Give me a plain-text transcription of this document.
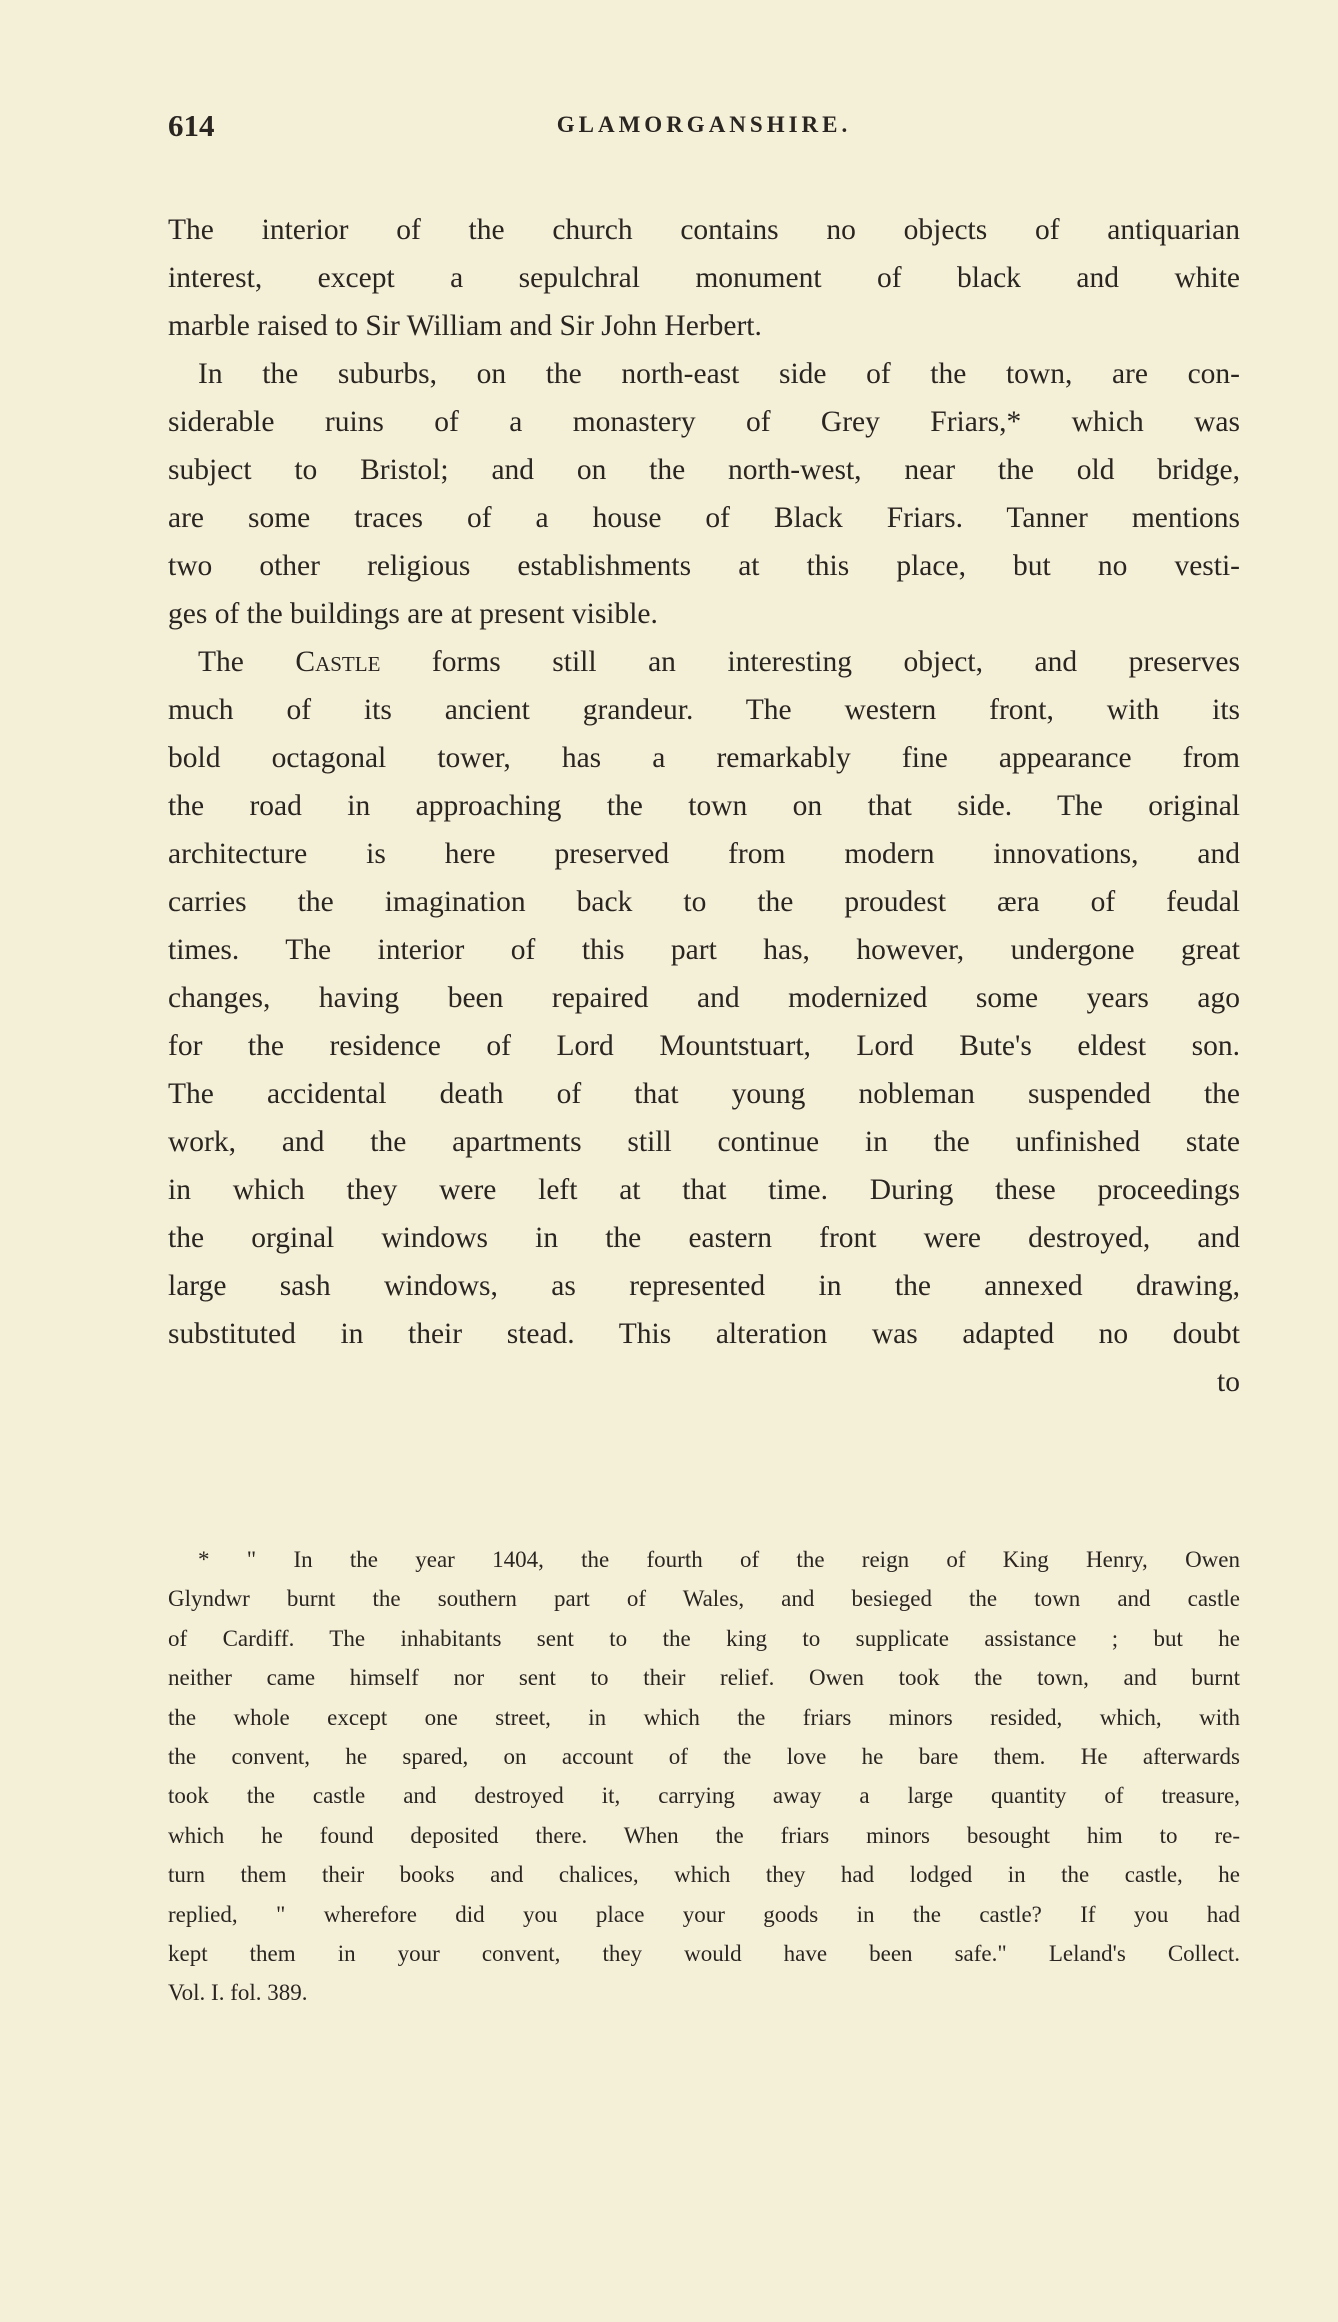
614	GLAMORGANSHIRE.
The interior of the church contains no objects of antiquarian
interest, except a sepulchral monument of black and white
marble raised to Sir William and Sir John Herbert.
In the suburbs, on the north-east side of the town, are con-
siderable ruins of a monastery of Grey Friars,* which was
subject to Bristol; and on the north-west, near the old bridge,
are some traces of a house of Black Friars. Tanner mentions
two other religious establishments at this place, but no vesti-
ges of the buildings are at present visible.
The Castle forms still an interesting object, and preserves
much of its ancient grandeur. The western front, with its
bold octagonal tower, has a remarkably fine appearance from
the road in approaching the town on that side. The original
architecture is here preserved from modern innovations, and
carries the imagination back to the proudest æra of feudal
times. The interior of this part has, however, undergone great
changes, having been repaired and modernized some years ago
for the residence of Lord Mountstuart, Lord Bute's eldest son.
The accidental death of that young nobleman suspended the
work, and the apartments still continue in the unfinished state
in which they were left at that time. During these proceedings
the orginal windows in the eastern front were destroyed, and
large sash windows, as represented in the annexed drawing,
substituted in their stead. This alteration was adapted no doubt
to
* " In the year 1404, the fourth of the reign of King Henry, Owen
Glyndwr burnt the southern part of Wales, and besieged the town and castle
of Cardiff. The inhabitants sent to the king to supplicate assistance ; but he
neither came himself nor sent to their relief. Owen took the town, and burnt
the whole except one street, in which the friars minors resided, which, with
the convent, he spared, on account of the love he bare them. He afterwards
took the castle and destroyed it, carrying away a large quantity of treasure,
which he found deposited there. When the friars minors besought him to re-
turn them their books and chalices, which they had lodged in the castle, he
replied, " wherefore did you place your goods in the castle? If you had
kept them in your convent, they would have been safe." Leland's Collect.
Vol. I. fol. 389.
